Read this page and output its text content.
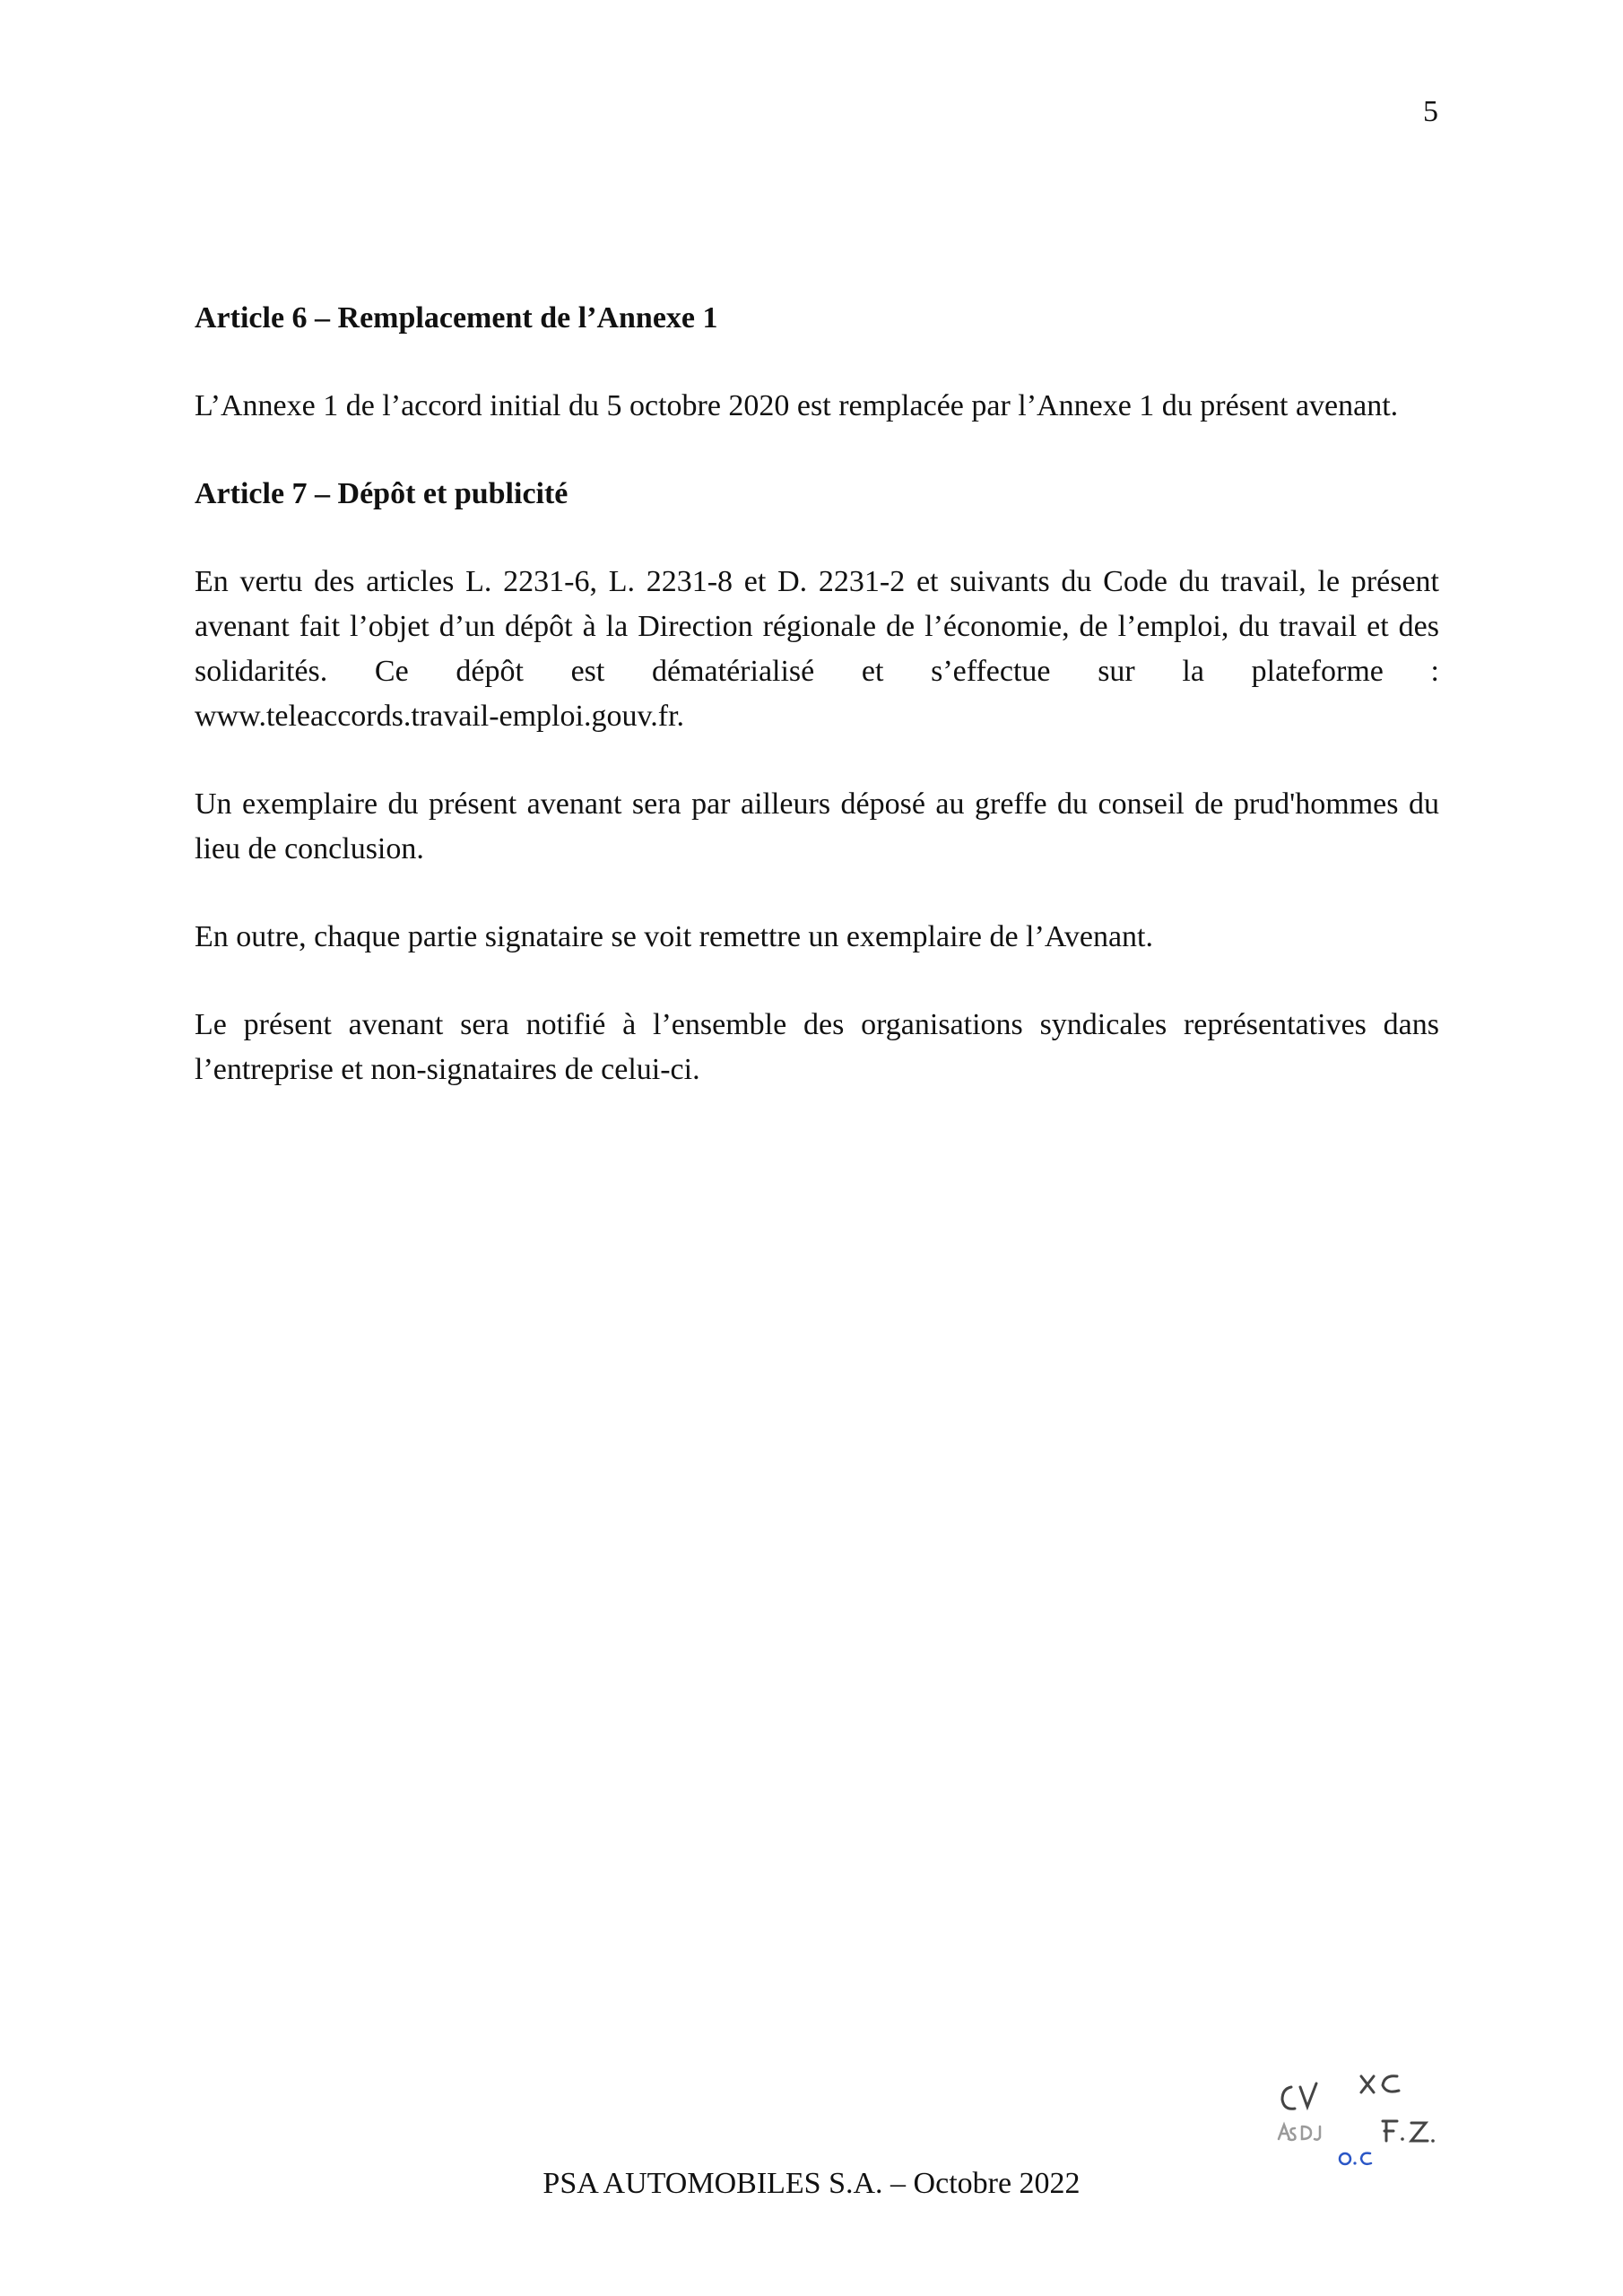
5
Article 6 – Remplacement de l’Annexe 1

L’Annexe 1 de l’accord initial du 5 octobre 2020 est remplacée par l’Annexe 1 du présent avenant.

Article 7 – Dépôt et publicité

En vertu des articles L. 2231-6, L. 2231-8 et D. 2231-2 et suivants du Code du travail, le présent avenant fait l’objet d’un dépôt à la Direction régionale de l’économie, de l’emploi, du travail et des solidarités. Ce dépôt est dématérialisé et s’effectue sur la plateforme :

www.teleaccords.travail-emploi.gouv.fr.

Un exemplaire du présent avenant sera par ailleurs déposé au greffe du conseil de prud'hommes du lieu de conclusion.

En outre, chaque partie signataire se voit remettre un exemplaire de l’Avenant.

Le présent avenant sera notifié à l’ensemble des organisations syndicales représentatives dans l’entreprise et non-signataires de celui-ci.

PSA AUTOMOBILES S.A. – Octobre 2022
